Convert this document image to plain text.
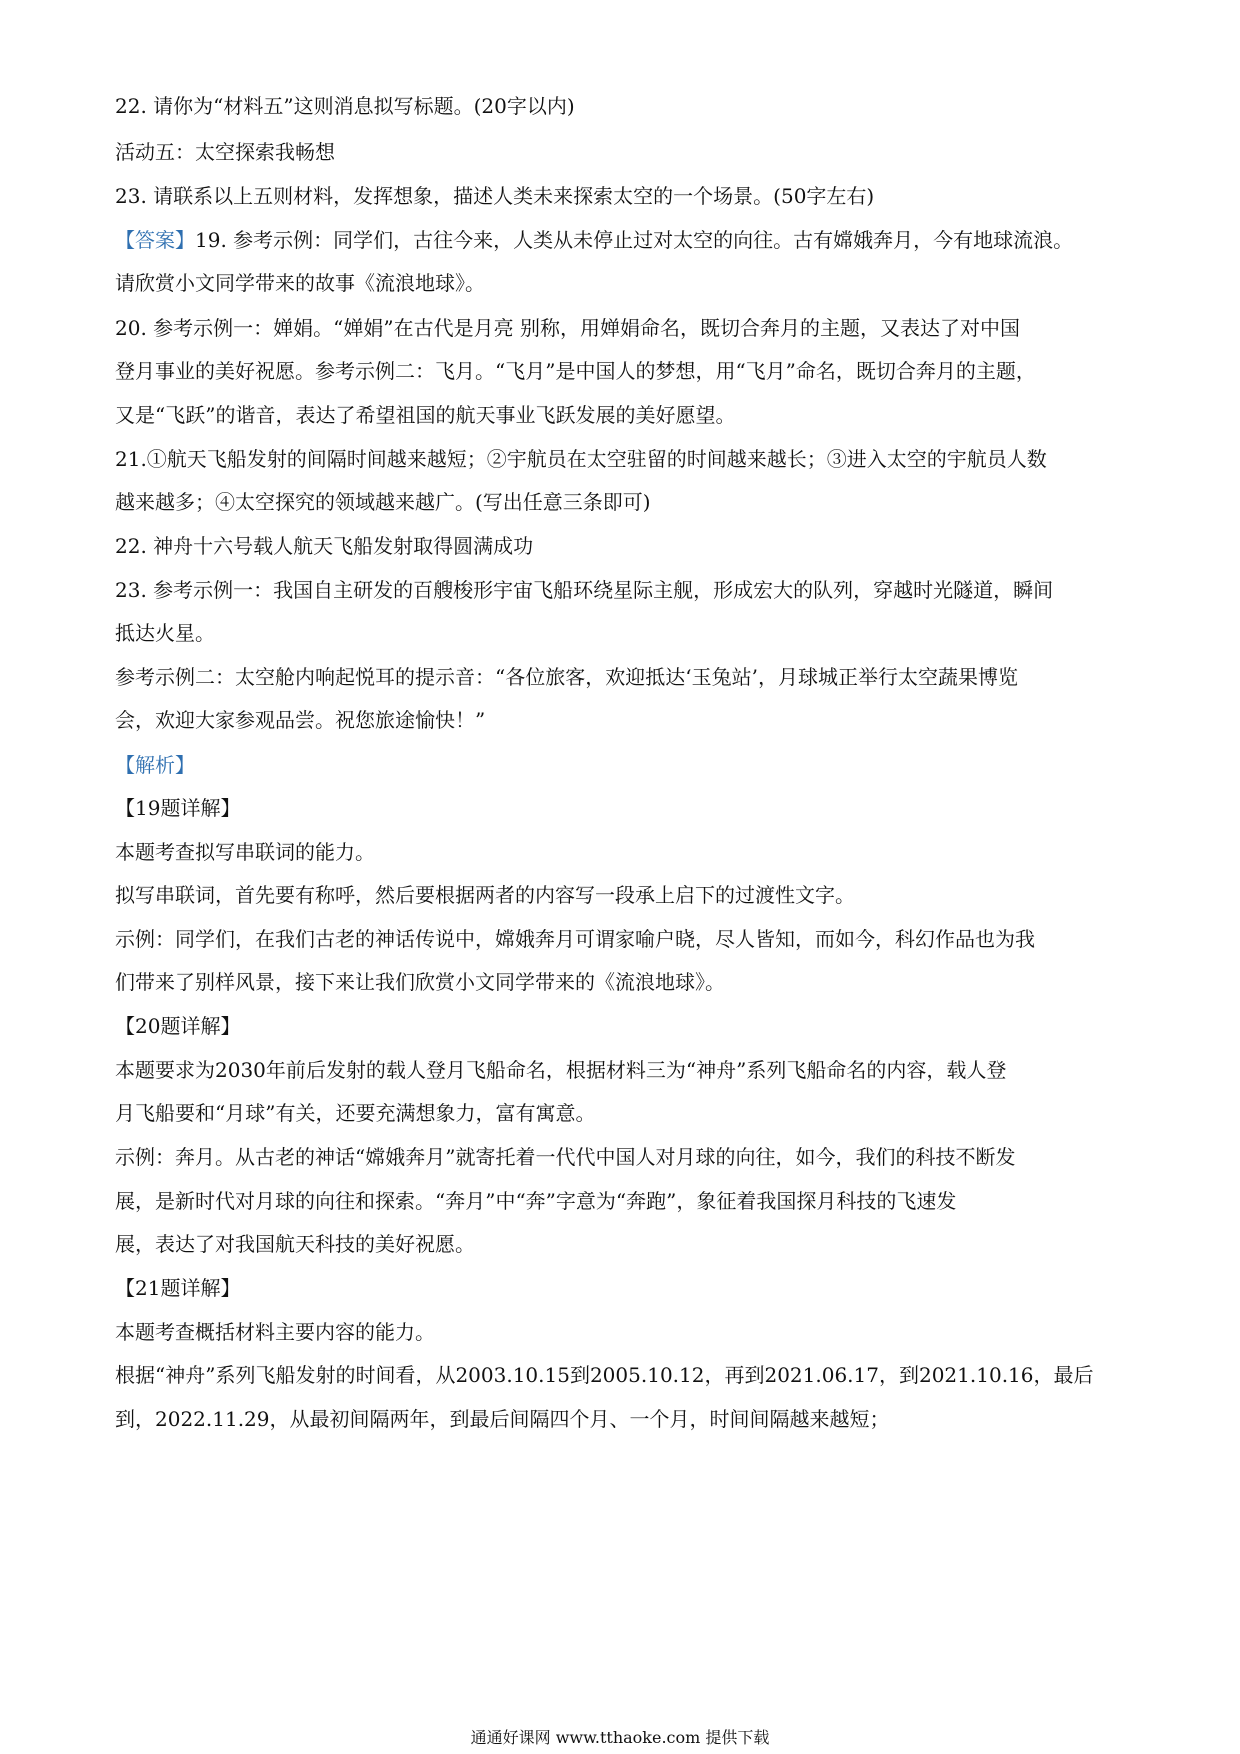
22. 请你为“材料五”这则消息拟写标题。(20字以内)
活动五：太空探索我畅想
23. 请联系以上五则材料，发挥想象，描述人类未来探索太空的一个场景。(50字左右)
【答案】19. 参考示例：同学们，古往今来，人类从未停止过对太空的向往。古有嫦娥奔月，今有地球流浪。
请欣赏小文同学带来的故事《流浪地球》。
20. 参考示例一：婵娟。“婵娟”在古代是月亮 别称，用婵娟命名，既切合奔月的主题，又表达了对中国
登月事业的美好祝愿。参考示例二：飞月。“飞月”是中国人的梦想，用“飞月”命名，既切合奔月的主题，
又是“飞跃”的谐音，表达了希望祖国的航天事业飞跃发展的美好愿望。
21.①航天飞船发射的间隔时间越来越短；②宇航员在太空驻留的时间越来越长；③进入太空的宇航员人数
越来越多；④太空探究的领域越来越广。(写出任意三条即可)
22. 神舟十六号载人航天飞船发射取得圆满成功
23. 参考示例一：我国自主研发的百艘梭形宇宙飞船环绕星际主舰，形成宏大的队列，穿越时光隧道，瞬间
抵达火星。
参考示例二：太空舱内响起悦耳的提示音：“各位旅客，欢迎抵达‘玉兔站’，月球城正举行太空蔬果博览
会，欢迎大家参观品尝。祝您旅途愉快！”
【解析】
【19题详解】
本题考查拟写串联词的能力。
拟写串联词，首先要有称呼，然后要根据两者的内容写一段承上启下的过渡性文字。
示例：同学们，在我们古老的神话传说中，嫦娥奔月可谓家喻户晓，尽人皆知，而如今，科幻作品也为我
们带来了别样风景，接下来让我们欣赏小文同学带来的《流浪地球》。
【20题详解】
本题要求为2030年前后发射的载人登月飞船命名，根据材料三为“神舟”系列飞船命名的内容，载人登
月飞船要和“月球”有关，还要充满想象力，富有寓意。
示例：奔月。从古老的神话“嫦娥奔月”就寄托着一代代中国人对月球的向往，如今，我们的科技不断发
展，是新时代对月球的向往和探索。“奔月”中“奔”字意为“奔跑”，象征着我国探月科技的飞速发
展，表达了对我国航天科技的美好祝愿。
【21题详解】
本题考查概括材料主要内容的能力。
根据“神舟”系列飞船发射的时间看，从2003.10.15到2005.10.12，再到2021.06.17，到2021.10.16，最后
到，2022.11.29，从最初间隔两年，到最后间隔四个月、一个月，时间间隔越来越短；
通通好课网 www.tthaoke.com 提供下载
